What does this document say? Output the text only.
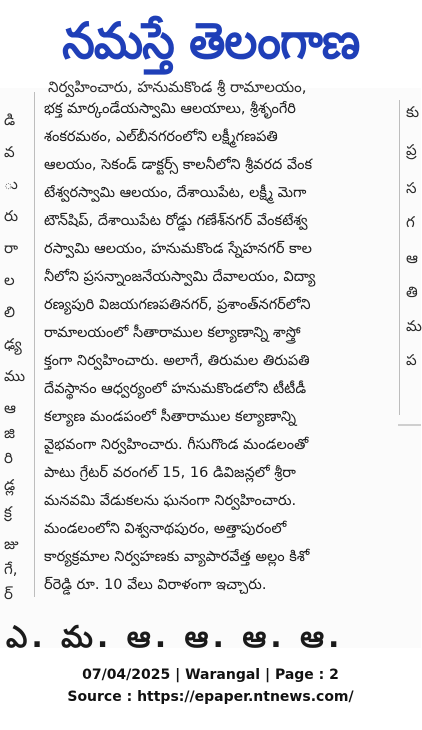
నమస్తే తెలంగాణ
డి
వ
ు
రు
రా
ల
లి
ఢ్య
ము
ఆ
జి
రి
డ్ల
క్ర
జు
గే,
ర్
నిర్వహించారు, హనుమకొండ శ్రీ రామాలయం,
భక్త మార్కండేయస్వామి ఆలయాలు, శ్రీశృంగేరి
శంకరమఠం, ఎల్‌బీనగరంలోని లక్ష్మీగణపతి
ఆలయం, సెకండ్ డాక్టర్స్ కాలనీలోని శ్రీవరద వేంక
టేశ్వరస్వామి ఆలయం, దేశాయిపేట, లక్ష్మీ మెగా
టౌన్‌షిప్, దేశాయిపేట రోడ్డు గణేశ్‌నగర్ వేంకటేశ్వ
రస్వామి ఆలయం, హనుమకొండ స్నేహనగర్ కాల
నీలోని ప్రసన్నాంజనేయస్వామి దేవాలయం, విద్యా
రణ్యపురి విజయగణపతినగర్, ప్రశాంత్‌నగర్‌లోని
రామాలయంలో సీతారాముల కల్యాణాన్ని శాస్త్రో
క్తంగా నిర్వహించారు. అలాగే, తిరుమల తిరుపతి
దేవస్థానం ఆధ్వర్యంలో హనుమకొండలోని టీటీడీ
కల్యాణ మండపంలో సీతారాముల కల్యాణాన్ని
వైభవంగా నిర్వహించారు. గీసుగొండ మండలంతో
పాటు గ్రేటర్ వరంగల్ 15, 16 డివిజన్లలో శ్రీరా
మనవమి వేడుకలను ఘనంగా నిర్వహించారు.
మండలంలోని విశ్వనాథపురం, అత్తాపురంలో
కార్యక్రమాల నిర్వహణకు వ్యాపారవేత్త అల్లం కిశో
ర్‌రెడ్డి రూ. 10 వేలు విరాళంగా ఇచ్చారు.
కు
ప్ర
స
గ
ఆ
తి
మ
ప
ఎ. మ. ఆ. ఆ. ఆ. ఆ.
07/04/2025 | Warangal | Page : 2
Source : https://epaper.ntnews.com/
